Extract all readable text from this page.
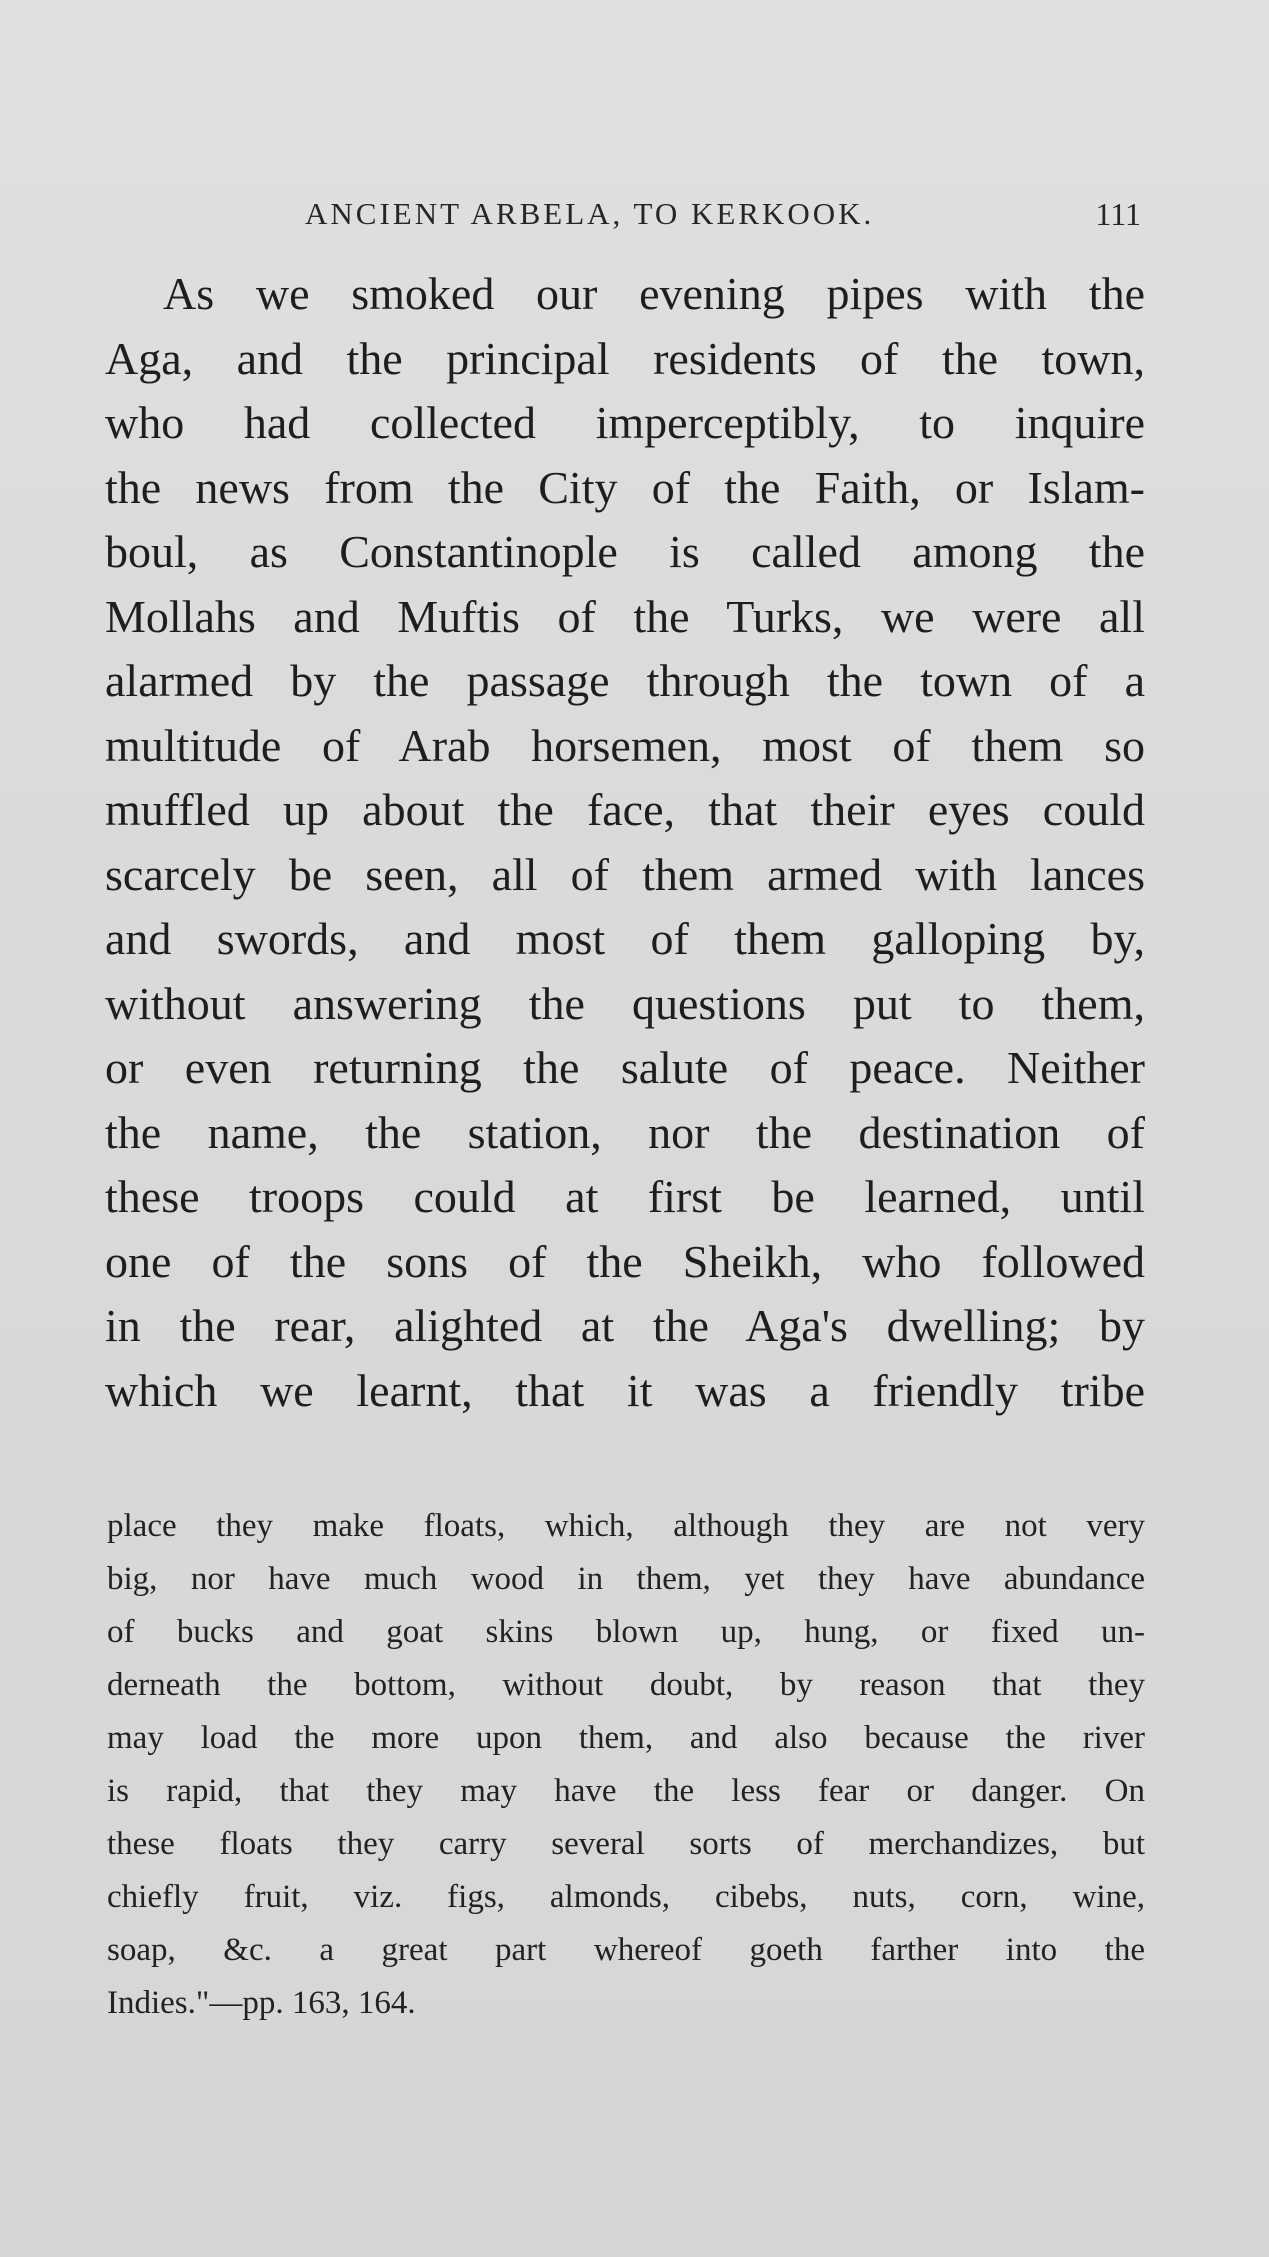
ANCIENT ARBELA, TO KERKOOK.	111
As we smoked our evening pipes with the
Aga, and the principal residents of the town,
who had collected imperceptibly, to inquire
the news from the City of the Faith, or Islam-
boul, as Constantinople is called among the
Mollahs and Muftis of the Turks, we were all
alarmed by the passage through the town of a
multitude of Arab horsemen, most of them so
muffled up about the face, that their eyes could
scarcely be seen, all of them armed with lances
and swords, and most of them galloping by,
without answering the questions put to them,
or even returning the salute of peace. Neither
the name, the station, nor the destination of
these troops could at first be learned, until
one of the sons of the Sheikh, who followed
in the rear, alighted at the Aga's dwelling; by
which we learnt, that it was a friendly tribe
place they make floats, which, although they are not very
big, nor have much wood in them, yet they have abundance
of bucks and goat skins blown up, hung, or fixed un-
derneath the bottom, without doubt, by reason that they
may load the more upon them, and also because the river
is rapid, that they may have the less fear or danger. On
these floats they carry several sorts of merchandizes, but
chiefly fruit, viz. figs, almonds, cibebs, nuts, corn, wine,
soap, &c. a great part whereof goeth farther into the
Indies."—pp. 163, 164.
